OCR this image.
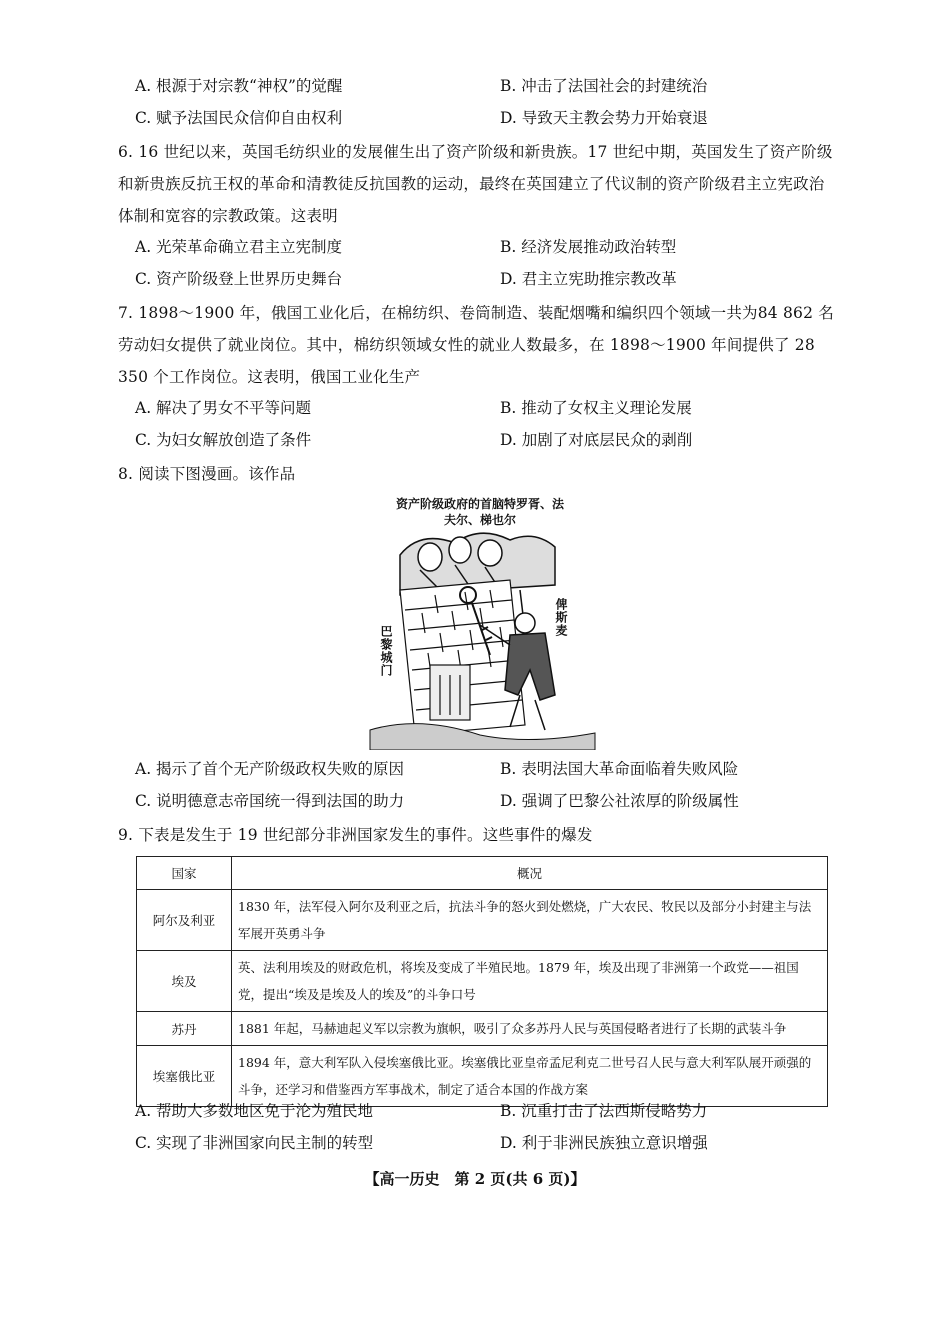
A. 根源于对宗教“神权”的觉醒	B. 冲击了法国社会的封建统治
C. 赋予法国民众信仰自由权利	D. 导致天主教会势力开始衰退
6. 16 世纪以来，英国毛纺织业的发展催生出了资产阶级和新贵族。17 世纪中期，英国发生了资产阶级和新贵族反抗王权的革命和清教徒反抗国教的运动，最终在英国建立了代议制的资产阶级君主立宪政治体制和宽容的宗教政策。这表明
A. 光荣革命确立君主立宪制度	B. 经济发展推动政治转型
C. 资产阶级登上世界历史舞台	D. 君主立宪助推宗教改革
7. 1898～1900 年，俄国工业化后，在棉纺织、卷筒制造、装配烟嘴和编织四个领域一共为84 862 名劳动妇女提供了就业岗位。其中，棉纺织领域女性的就业人数最多，在 1898～1900 年间提供了 28 350 个工作岗位。这表明，俄国工业化生产
A. 解决了男女不平等问题	B. 推动了女权主义理论发展
C. 为妇女解放创造了条件	D. 加剧了对底层民众的剥削
8. 阅读下图漫画。该作品
资产阶级政府的首脑特罗胥、法夫尔、梯也尔
巴黎城门
俾斯麦
A. 揭示了首个无产阶级政权失败的原因	B. 表明法国大革命面临着失败风险
C. 说明德意志帝国统一得到法国的助力	D. 强调了巴黎公社浓厚的阶级属性
9. 下表是发生于 19 世纪部分非洲国家发生的事件。这些事件的爆发
国家	概况
阿尔及利亚	1830 年，法军侵入阿尔及利亚之后，抗法斗争的怒火到处燃烧，广大农民、牧民以及部分小封建主与法军展开英勇斗争
埃及	英、法利用埃及的财政危机，将埃及变成了半殖民地。1879 年，埃及出现了非洲第一个政党——祖国党，提出“埃及是埃及人的埃及”的斗争口号
苏丹	1881 年起，马赫迪起义军以宗教为旗帜，吸引了众多苏丹人民与英国侵略者进行了长期的武装斗争
埃塞俄比亚	1894 年，意大利军队入侵埃塞俄比亚。埃塞俄比亚皇帝孟尼利克二世号召人民与意大利军队展开顽强的斗争，还学习和借鉴西方军事战术，制定了适合本国的作战方案
A. 帮助大多数地区免于沦为殖民地	B. 沉重打击了法西斯侵略势力
C. 实现了非洲国家向民主制的转型	D. 利于非洲民族独立意识增强
【高一历史　第 2 页(共 6 页)】
